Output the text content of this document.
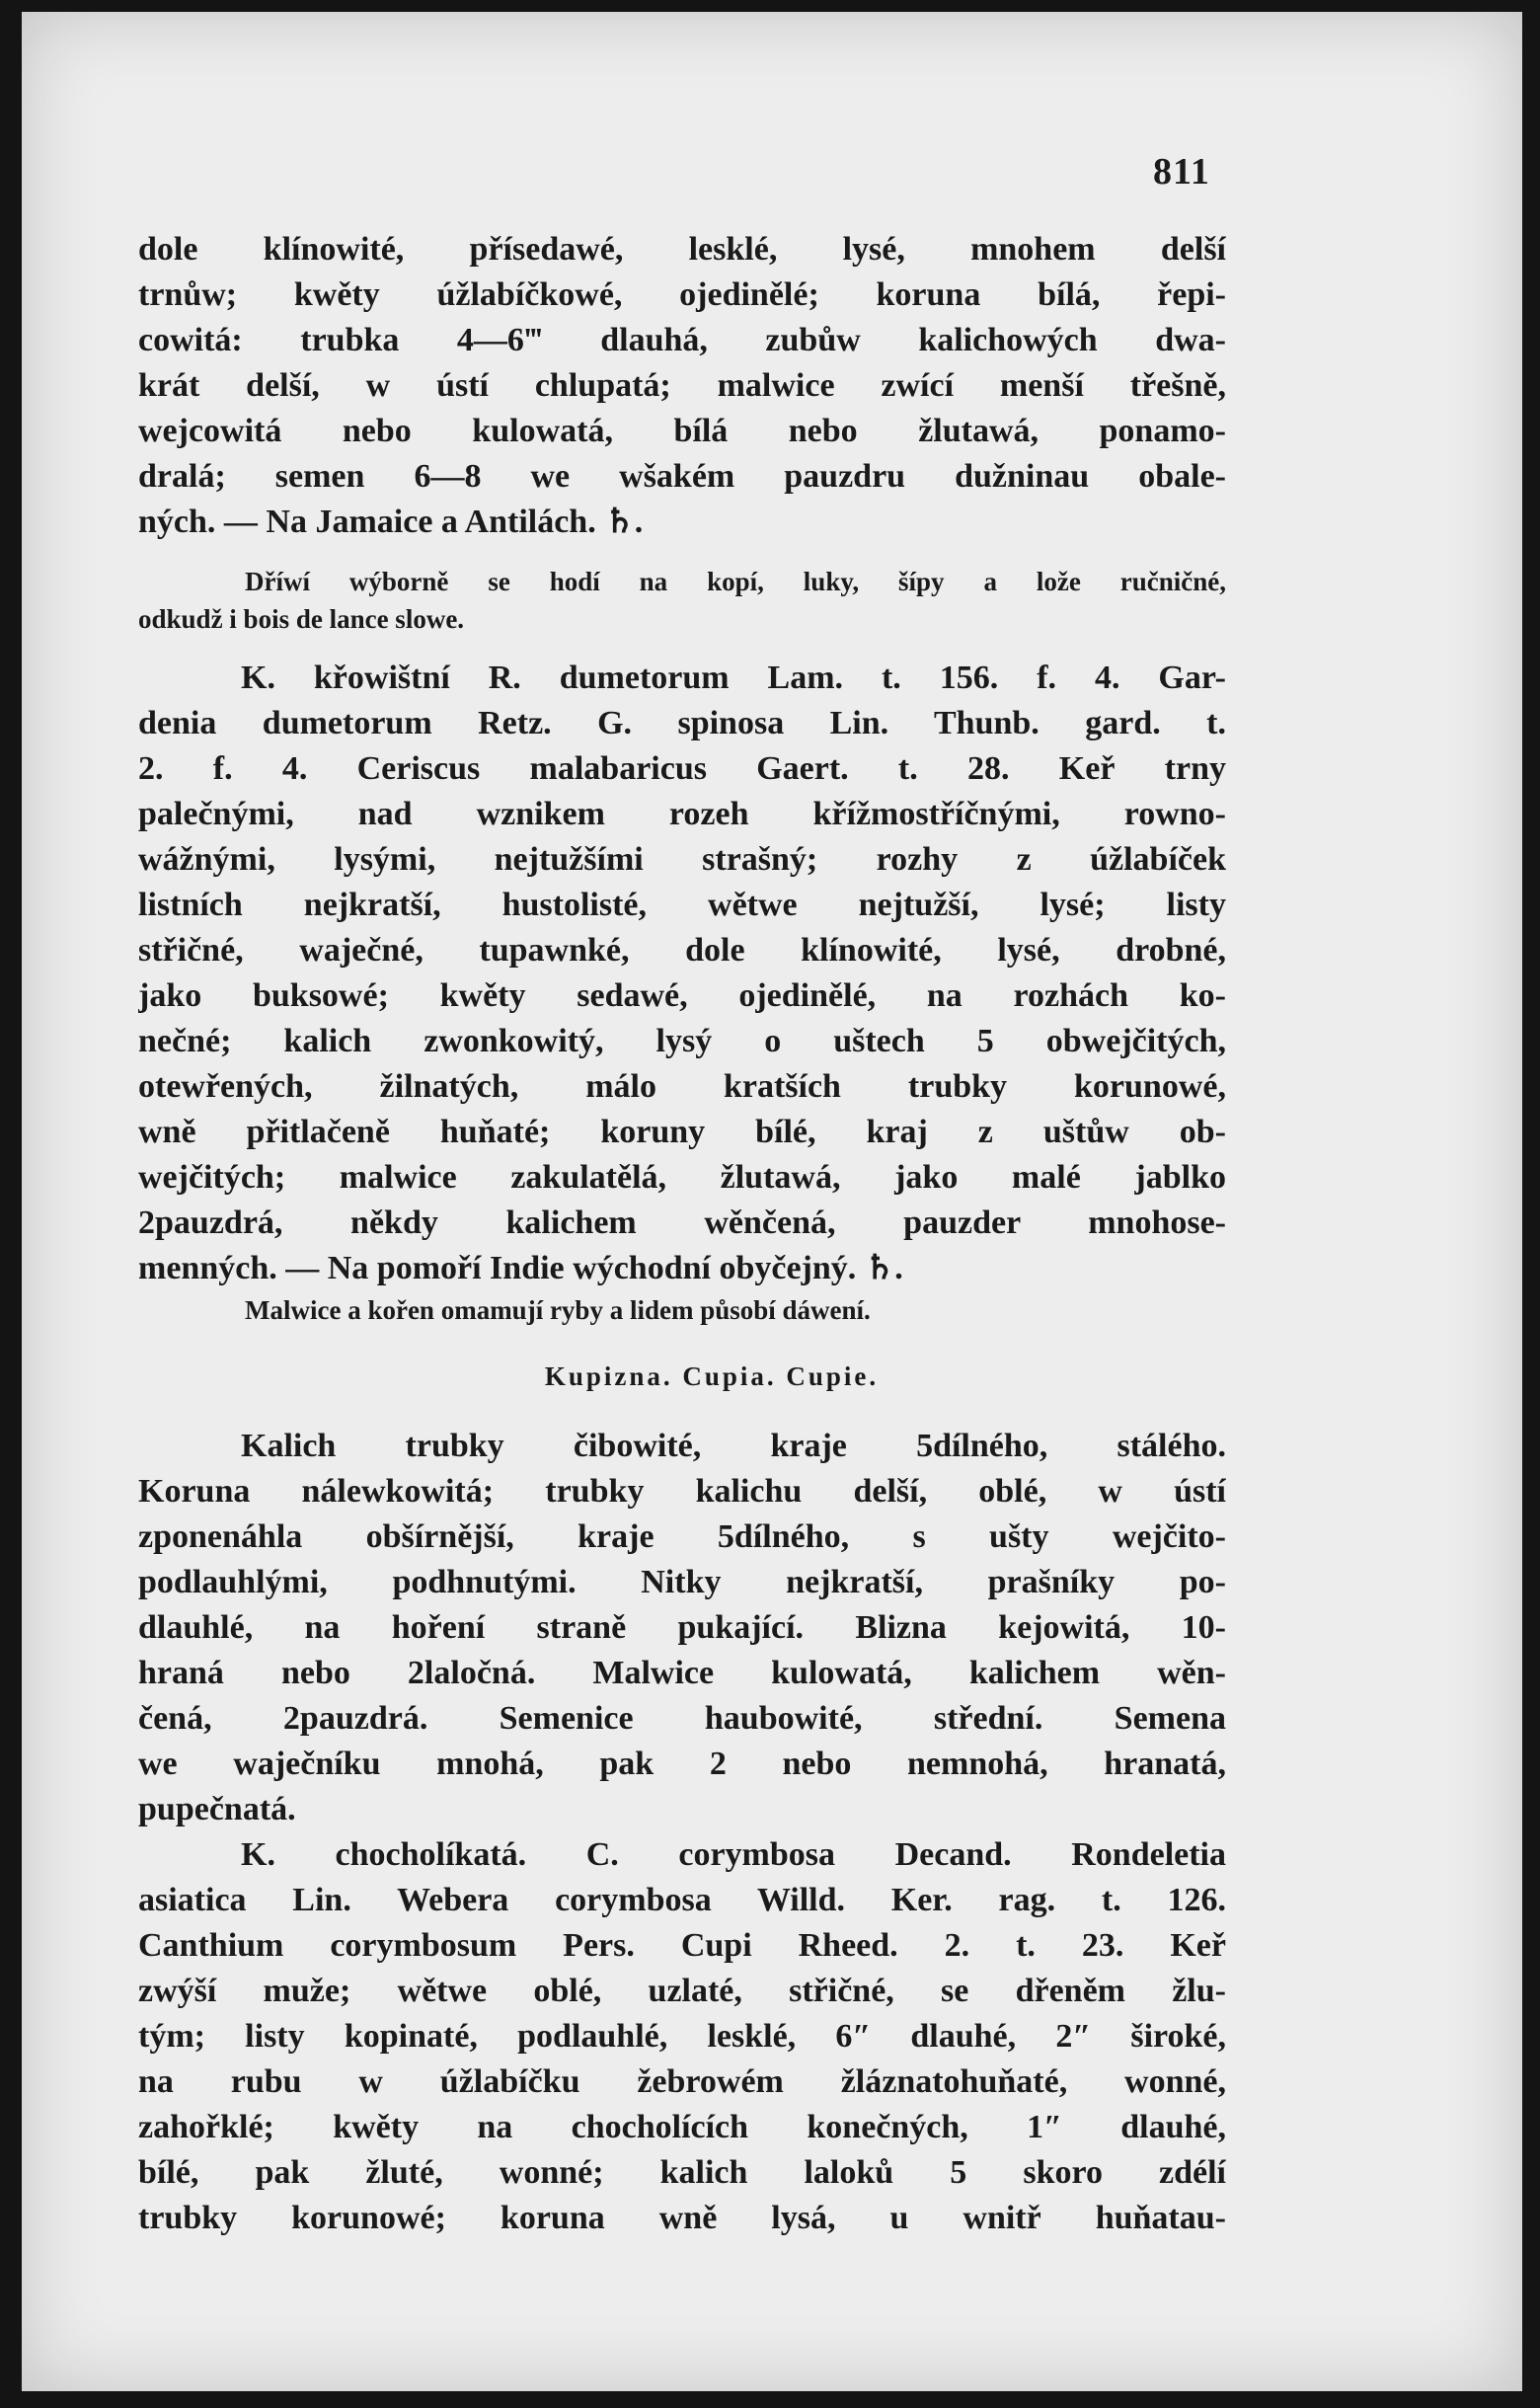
811
dole klínowité, přísedawé, lesklé, lysé, mnohem delší
trnůw; kwěty úžlabíčkowé, ojedinělé; koruna bílá, řepi-
cowitá: trubka 4—6‴ dlauhá, zubůw kalichowých dwa-
krát delší, w ústí chlupatá; malwice zwící menší třešně,
wejcowitá nebo kulowatá, bílá nebo žlutawá, ponamo-
dralá; semen 6—8 we wšakém pauzdru dužninau obale-
ných. — Na Jamaice a Antilách. ♄.
Dříwí wýborně se hodí na kopí, luky, šípy a lože ručničné,
odkudž i bois de lance slowe.
K. křowištní R. dumetorum Lam. t. 156. f. 4. Gar-
denia dumetorum Retz. G. spinosa Lin. Thunb. gard. t.
2. f. 4. Ceriscus malabaricus Gaert. t. 28. Keř trny
palečnými, nad wznikem rozeh křížmostříčnými, rowno-
wážnými, lysými, nejtužšími strašný; rozhy z úžlabíček
listních nejkratší, hustolisté, wětwe nejtužší, lysé; listy
střičné, waječné, tupawnké, dole klínowité, lysé, drobné,
jako buksowé; kwěty sedawé, ojedinělé, na rozhách ko-
nečné; kalich zwonkowitý, lysý o uštech 5 obwejčitých,
otewřených, žilnatých, málo kratších trubky korunowé,
wně přitlačeně huňaté; koruny bílé, kraj z uštůw ob-
wejčitých; malwice zakulatělá, žlutawá, jako malé jablko
2pauzdrá, někdy kalichem wěnčená, pauzder mnohose-
menných. — Na pomoří Indie wýchodní obyčejný. ♄.
Malwice a kořen omamují ryby a lidem působí dáwení.
Kupizna. Cupia. Cupie.
Kalich trubky čibowité, kraje 5dílného, stálého.
Koruna nálewkowitá; trubky kalichu delší, oblé, w ústí
zponenáhla obšírnější, kraje 5dílného, s ušty wejčito-
podlauhlými, podhnutými. Nitky nejkratší, prašníky po-
dlauhlé, na hoření straně pukající. Blizna kejowitá, 10-
hraná nebo 2laločná. Malwice kulowatá, kalichem wěn-
čená, 2pauzdrá. Semenice haubowité, střední. Semena
we waječníku mnohá, pak 2 nebo nemnohá, hranatá,
pupečnatá.
K. chocholíkatá. C. corymbosa Decand. Rondeletia
asiatica Lin. Webera corymbosa Willd. Ker. rag. t. 126.
Canthium corymbosum Pers. Cupi Rheed. 2. t. 23. Keř
zwýší muže; wětwe oblé, uzlaté, střičné, se dřeněm žlu-
tým; listy kopinaté, podlauhlé, lesklé, 6″ dlauhé, 2″ široké,
na rubu w úžlabíčku žebrowém žláznatohuňaté, wonné,
zahořklé; kwěty na chocholících konečných, 1″ dlauhé,
bílé, pak žluté, wonné; kalich laloků 5 skoro zdélí
trubky korunowé; koruna wně lysá, u wnitř huňatau-
